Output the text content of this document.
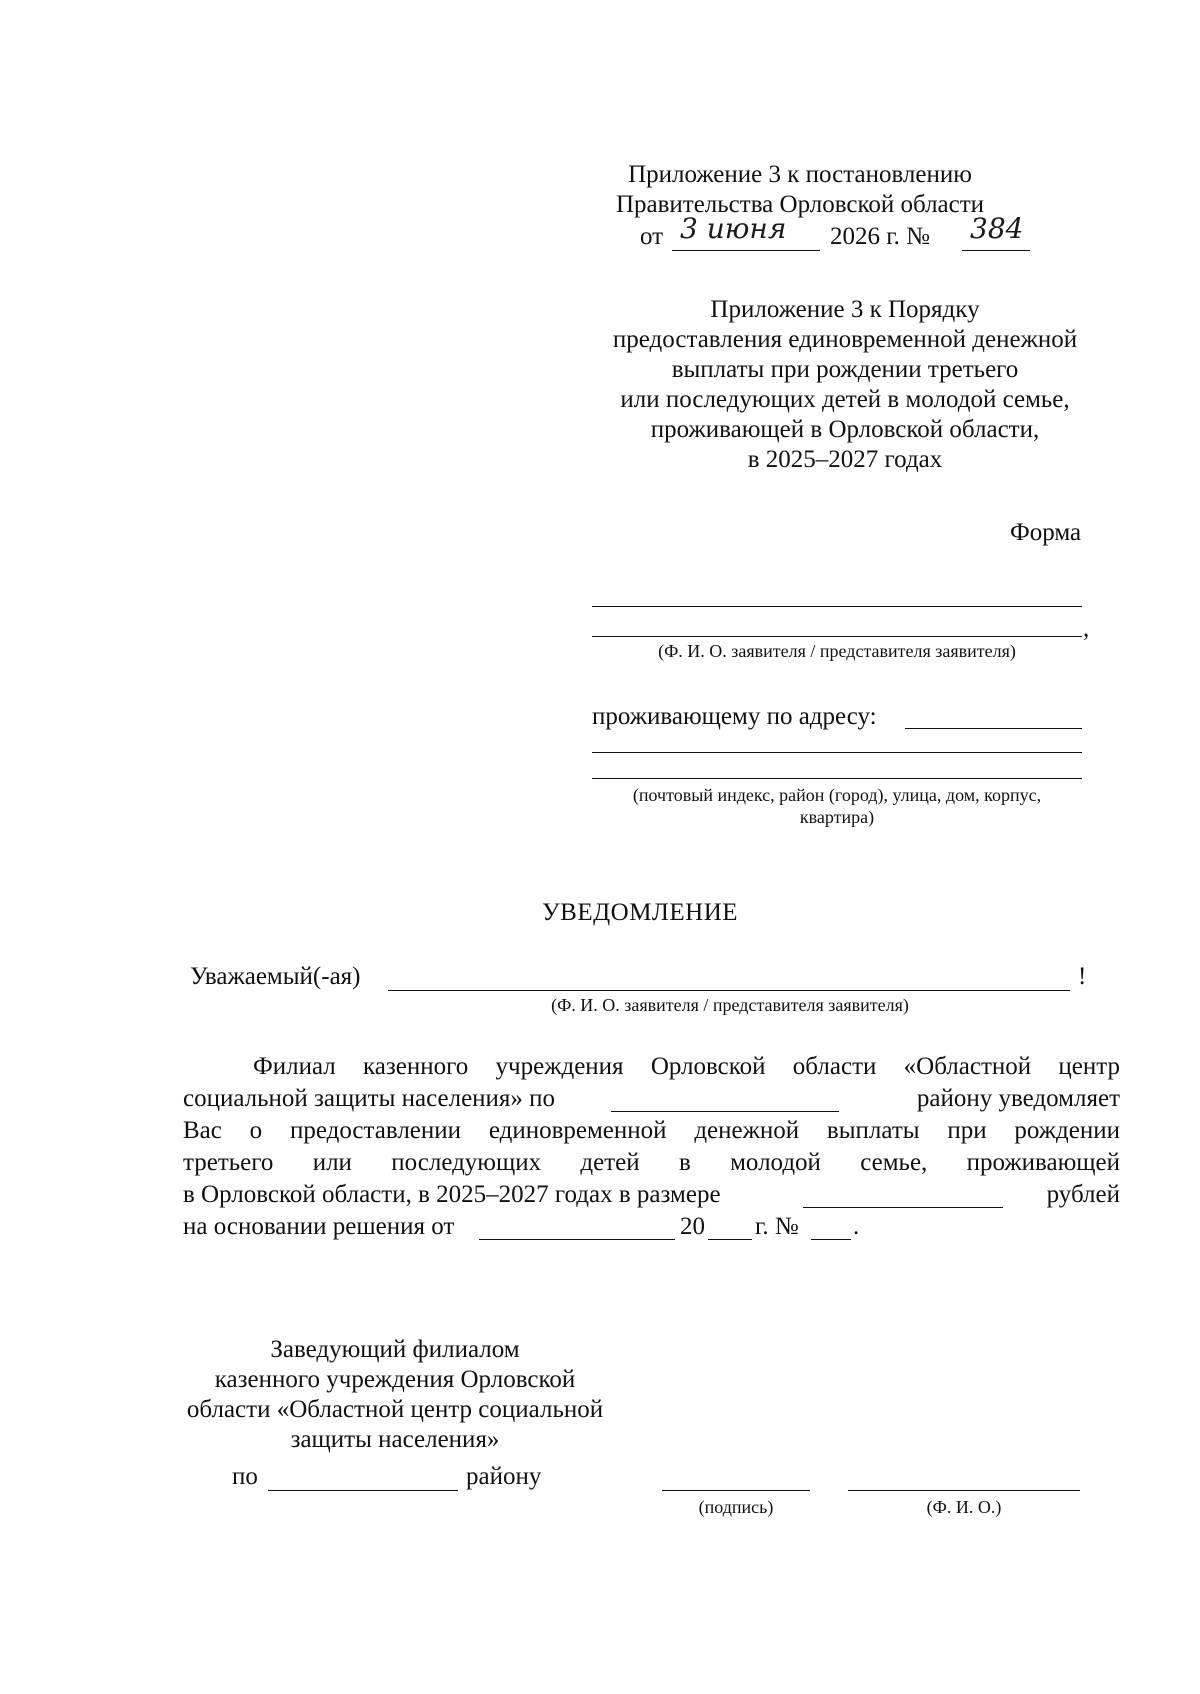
Приложение 3 к постановлению
Правительства Орловской области
от 3 июня 2026 г. № 384
Приложение 3 к Порядку
предоставления единовременной денежной
выплаты при рождении третьего
или последующих детей в молодой семье,
проживающей в Орловской области,
в 2025–2027 годах
Форма
,
(Ф. И. О. заявителя / представителя заявителя)
проживающему по адресу:
(почтовый индекс, район (город), улица, дом, корпус,
квартира)
УВЕДОМЛЕНИЕ
Уважаемый(-ая)	!
(Ф. И. О. заявителя / представителя заявителя)
Филиал казенного учреждения Орловской области «Областной центр
социальной защиты населения» по	району уведомляет
Вас о предоставлении единовременной денежной выплаты при рождении
третьего или последующих детей в молодой семье, проживающей
в Орловской области, в 2025–2027 годах в размере	рублей
на основании решения от	20 г. № .
Заведующий филиалом
казенного учреждения Орловской
области «Областной центр социальной
защиты населения»
по	району
(подпись)	(Ф. И. О.)
